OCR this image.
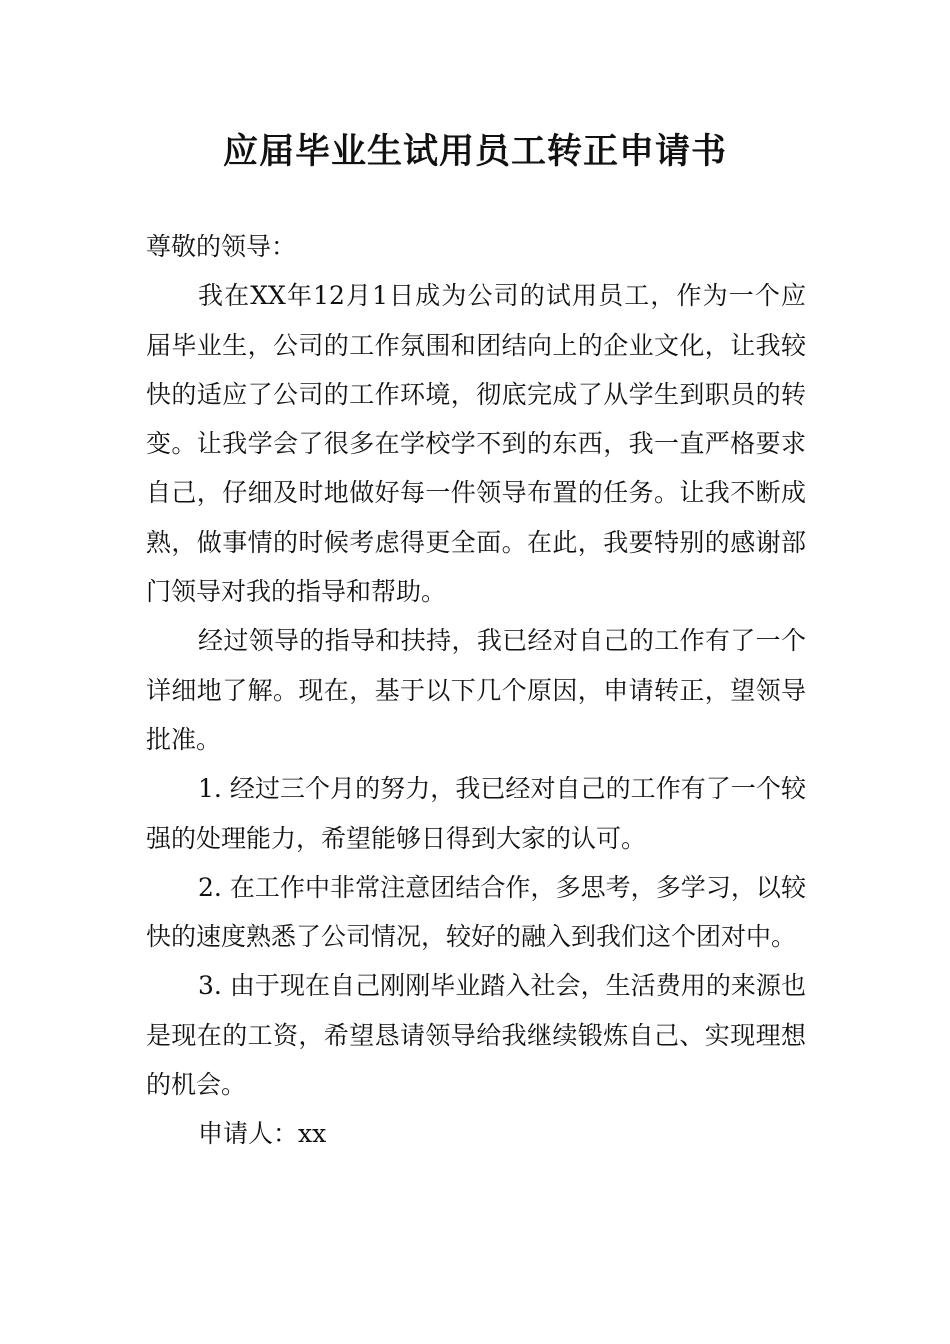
应届毕业生试用员工转正申请书

尊敬的领导：

我在XX年12月1日成为公司的试用员工，作为一个应届毕业生，公司的工作氛围和团结向上的企业文化，让我较快的适应了公司的工作环境，彻底完成了从学生到职员的转变。让我学会了很多在学校学不到的东西，我一直严格要求自己，仔细及时地做好每一件领导布置的任务。让我不断成熟，做事情的时候考虑得更全面。在此，我要特别的感谢部门领导对我的指导和帮助。

经过领导的指导和扶持，我已经对自己的工作有了一个详细地了解。现在，基于以下几个原因，申请转正，望领导批准。

1. 经过三个月的努力，我已经对自己的工作有了一个较强的处理能力，希望能够日得到大家的认可。

2. 在工作中非常注意团结合作，多思考，多学习，以较快的速度熟悉了公司情况，较好的融入到我们这个团对中。

3. 由于现在自己刚刚毕业踏入社会，生活费用的来源也是现在的工资，希望恳请领导给我继续锻炼自己、实现理想的机会。

申请人：xx
